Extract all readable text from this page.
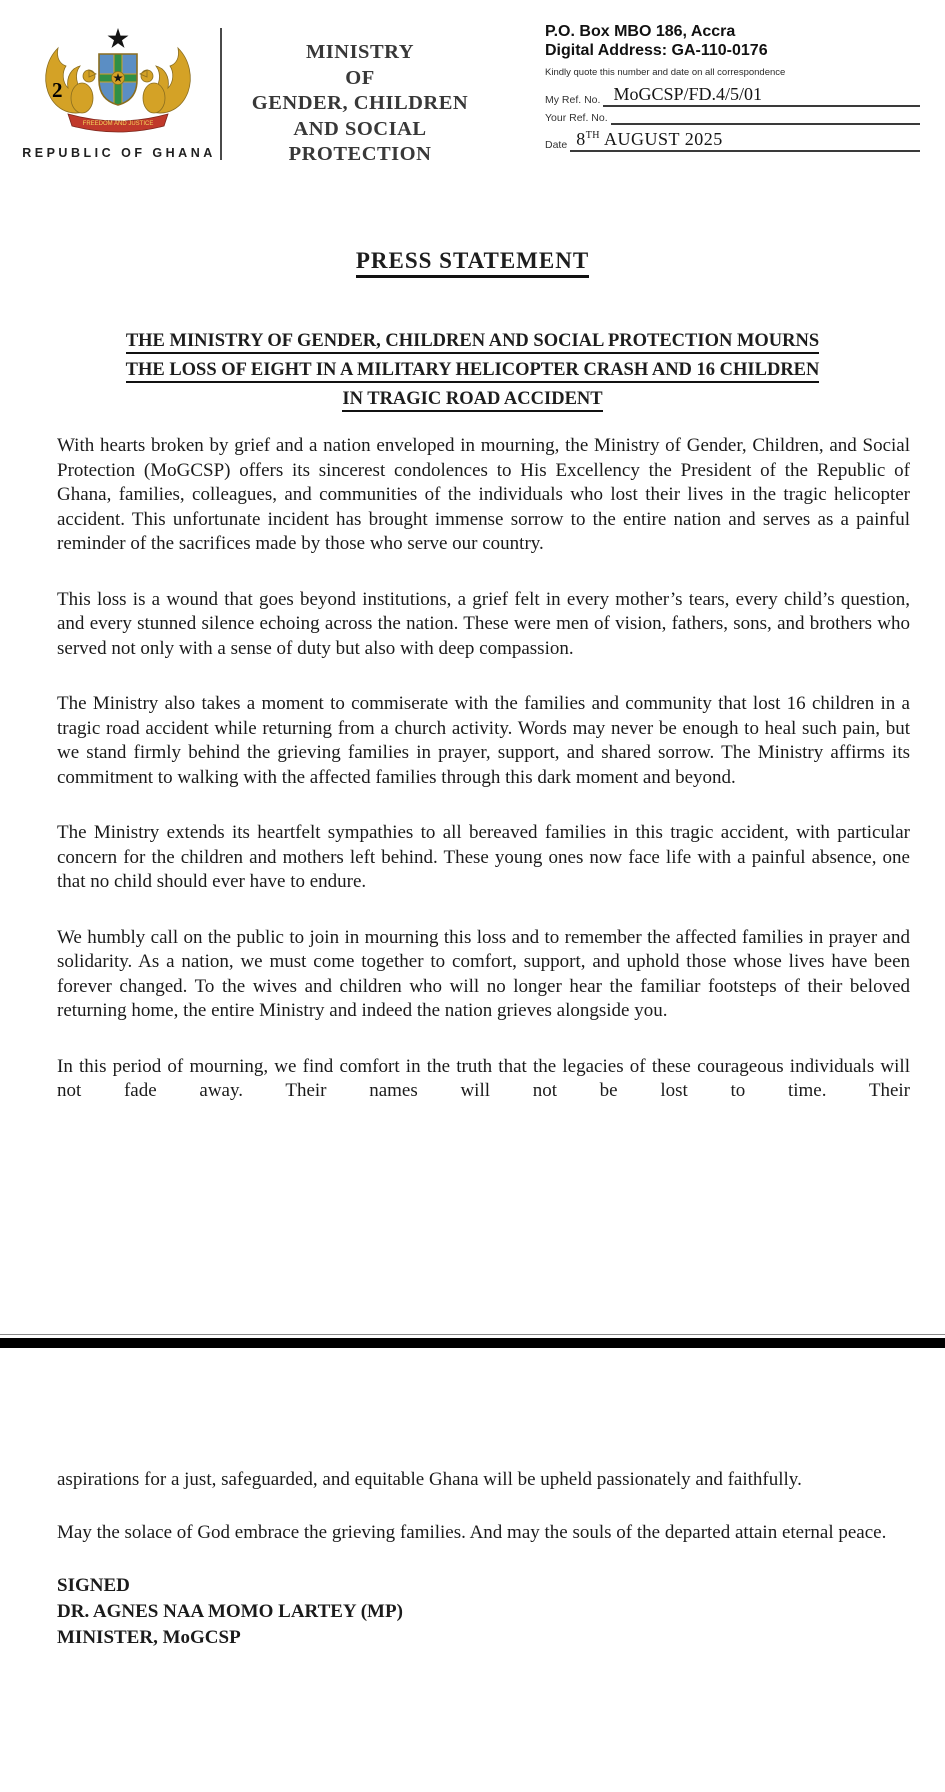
FREEDOM AND JUSTICE
2
REPUBLIC OF GHANA
MINISTRY
OF
GENDER, CHILDREN
AND SOCIAL
PROTECTION
P.O. Box MBO 186, Accra
Digital Address: GA-110-0176
Kindly quote this number and date on all correspondence
My Ref. No. MoGCSP/FD.4/5/01
Your Ref. No.
Date 8TH AUGUST 2025
PRESS STATEMENT
THE MINISTRY OF GENDER, CHILDREN AND SOCIAL PROTECTION MOURNS
THE LOSS OF EIGHT IN A MILITARY HELICOPTER CRASH AND 16 CHILDREN
IN TRAGIC ROAD ACCIDENT

With hearts broken by grief and a nation enveloped in mourning, the Ministry of Gender, Children, and Social Protection (MoGCSP) offers its sincerest condolences to His Excellency the President of the Republic of Ghana, families, colleagues, and communities of the individuals who lost their lives in the tragic helicopter accident. This unfortunate incident has brought immense sorrow to the entire nation and serves as a painful reminder of the sacrifices made by those who serve our country.

This loss is a wound that goes beyond institutions, a grief felt in every mother’s tears, every child’s question, and every stunned silence echoing across the nation. These were men of vision, fathers, sons, and brothers who served not only with a sense of duty but also with deep compassion.

The Ministry also takes a moment to commiserate with the families and community that lost 16 children in a tragic road accident while returning from a church activity. Words may never be enough to heal such pain, but we stand firmly behind the grieving families in prayer, support, and shared sorrow. The Ministry affirms its commitment to walking with the affected families through this dark moment and beyond.

The Ministry extends its heartfelt sympathies to all bereaved families in this tragic accident, with particular concern for the children and mothers left behind. These young ones now face life with a painful absence, one that no child should ever have to endure.

We humbly call on the public to join in mourning this loss and to remember the affected families in prayer and solidarity. As a nation, we must come together to comfort, support, and uphold those whose lives have been forever changed. To the wives and children who will no longer hear the familiar footsteps of their beloved returning home, the entire Ministry and indeed the nation grieves alongside you.

In this period of mourning, we find comfort in the truth that the legacies of these courageous individuals will not fade away. Their names will not be lost to time. Their

aspirations for a just, safeguarded, and equitable Ghana will be upheld passionately and faithfully.

May the solace of God embrace the grieving families. And may the souls of the departed attain eternal peace.

SIGNED
DR. AGNES NAA MOMO LARTEY (MP)
MINISTER, MoGCSP
